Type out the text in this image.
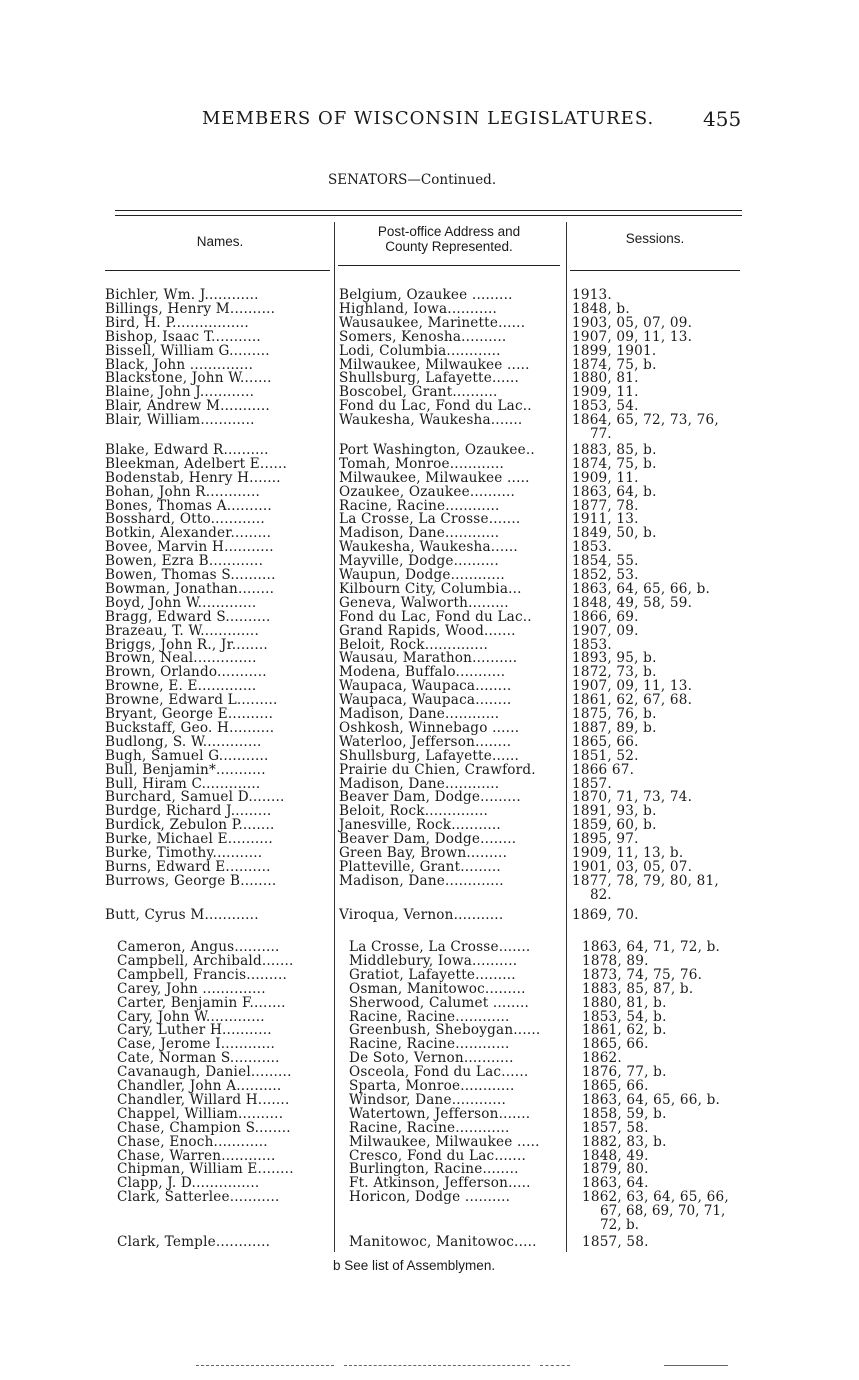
MEMBERS OF WISCONSIN LEGISLATURES. 455
SENATORS—Continued.
Names.
Post-office Address and
County Represented.
Sessions.
Bichler, Wm. J............	Belgium, Ozaukee .........	1913.
Billings, Henry M..........	Highland, Iowa...........	1848, b.
Bird, H. P.................	Wausaukee, Marinette......	1903, 05, 07, 09.
Bishop, Isaac T...........	Somers, Kenosha..........	1907, 09, 11, 13.
Bissell, William G.........	Lodi, Columbia............	1899, 1901.
Black, John ..............	Milwaukee, Milwaukee .....	1874, 75, b.
Blackstone, John W.......	Shullsburg, Lafayette......	1880, 81.
Blaine, John J............	Boscobel, Grant..........	1909, 11.
Blair, Andrew M...........	Fond du Lac, Fond du Lac..	1853, 54.
Blair, William............	Waukesha, Waukesha.......	1864, 65, 72, 73, 76,
77.
Blake, Edward R..........	Port Washington, Ozaukee..	1883, 85, b.
Bleekman, Adelbert E......	Tomah, Monroe............	1874, 75, b.
Bodenstab, Henry H.......	Milwaukee, Milwaukee .....	1909, 11.
Bohan, John R............	Ozaukee, Ozaukee..........	1863, 64, b.
Bones, Thomas A..........	Racine, Racine............	1877, 78.
Bosshard, Otto............	La Crosse, La Crosse.......	1911, 13.
Botkin, Alexander.........	Madison, Dane............	1849, 50, b.
Bovee, Marvin H...........	Waukesha, Waukesha......	1853.
Bowen, Ezra B............	Mayville, Dodge..........	1854, 55.
Bowen, Thomas S..........	Waupun, Dodge............	1852, 53.
Bowman, Jonathan........	Kilbourn City, Columbia...	1863, 64, 65, 66, b.
Boyd, John W.............	Geneva, Walworth.........	1848, 49, 58, 59.
Bragg, Edward S..........	Fond du Lac, Fond du Lac..	1866, 69.
Brazeau, T. W.............	Grand Rapids, Wood.......	1907, 09.
Briggs, John R., Jr........	Beloit, Rock..............	1853.
Brown, Neal..............	Wausau, Marathon..........	1893, 95, b.
Brown, Orlando...........	Modena, Buffalo...........	1872, 73, b.
Browne, E. E.............	Waupaca, Waupaca........	1907, 09, 11, 13.
Browne, Edward L.........	Waupaca, Waupaca........	1861, 62, 67, 68.
Bryant, George E..........	Madison, Dane............	1875, 76, b.
Buckstaff, Geo. H..........	Oshkosh, Winnebago ......	1887, 89, b.
Budlong, S. W.............	Waterloo, Jefferson........	1865, 66.
Bugh, Samuel G...........	Shullsburg, Lafayette......	1851, 52.
Bull, Benjamin*...........	Prairie du Chien, Crawford.	1866 67.
Bull, Hiram C.............	Madison, Dane............	1857.
Burchard, Samuel D........	Beaver Dam, Dodge.........	1870, 71, 73, 74.
Burdge, Richard J.........	Beloit, Rock..............	1891, 93, b.
Burdick, Zebulon P........	Janesville, Rock...........	1859, 60, b.
Burke, Michael E..........	Beaver Dam, Dodge........	1895, 97.
Burke, Timothy...........	Green Bay, Brown.........	1909, 11, 13, b.
Burns, Edward E..........	Platteville, Grant.........	1901, 03, 05, 07.
Burrows, George B........	Madison, Dane.............	1877, 78, 79, 80, 81,
82.
Butt, Cyrus M............	Viroqua, Vernon...........	1869, 70.
Cameron, Angus..........	La Crosse, La Crosse.......	1863, 64, 71, 72, b.
Campbell, Archibald.......	Middlebury, Iowa..........	1878, 89.
Campbell, Francis.........	Gratiot, Lafayette.........	1873, 74, 75, 76.
Carey, John ..............	Osman, Manitowoc.........	1883, 85, 87, b.
Carter, Benjamin F........	Sherwood, Calumet ........	1880, 81, b.
Cary, John W.............	Racine, Racine............	1853, 54, b.
Cary, Luther H...........	Greenbush, Sheboygan......	1861, 62, b.
Case, Jerome I............	Racine, Racine............	1865, 66.
Cate, Norman S...........	De Soto, Vernon...........	1862.
Cavanaugh, Daniel.........	Osceola, Fond du Lac......	1876, 77, b.
Chandler, John A..........	Sparta, Monroe............	1865, 66.
Chandler, Willard H.......	Windsor, Dane............	1863, 64, 65, 66, b.
Chappel, William..........	Watertown, Jefferson.......	1858, 59, b.
Chase, Champion S........	Racine, Racine............	1857, 58.
Chase, Enoch............	Milwaukee, Milwaukee .....	1882, 83, b.
Chase, Warren............	Cresco, Fond du Lac.......	1848, 49.
Chipman, William E........	Burlington, Racine........	1879, 80.
Clapp, J. D...............	Ft. Atkinson, Jefferson.....	1863, 64.
Clark, Satterlee...........	Horicon, Dodge ..........	1862, 63, 64, 65, 66,
67, 68, 69, 70, 71,
72, b.
Clark, Temple............	Manitowoc, Manitowoc.....	1857, 58.
b See list of Assemblymen.
